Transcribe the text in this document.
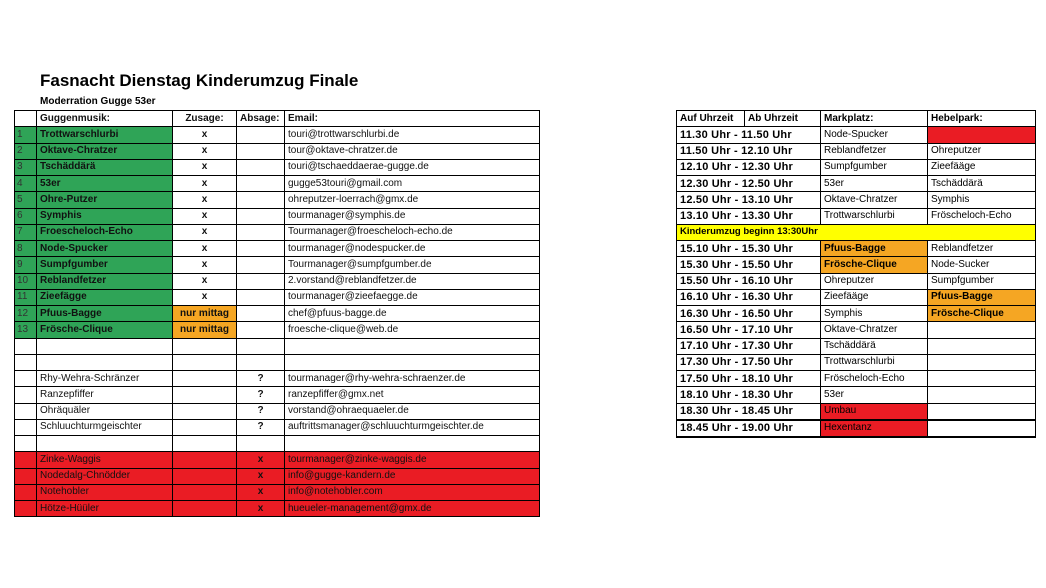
Fasnacht Dienstag Kinderumzug Finale
Moderration Gugge 53er
	Guggenmusik:	Zusage:	Absage:	Email:
1	Trottwarschlurbi	x		touri@trottwarschlurbi.de
2	Oktave-Chratzer	x		tour@oktave-chratzer.de
3	Tschäddärä	x		touri@tschaeddaerae-gugge.de
4	53er	x		gugge53touri@gmail.com
5	Ohre-Putzer	x		ohreputzer-loerrach@gmx.de
6	Symphis	x		tourmanager@symphis.de
7	Froescheloch-Echo	x		Tourmanager@froescheloch-echo.de
8	Node-Spucker	x		tourmanager@nodespucker.de
9	Sumpfgumber	x		Tourmanager@sumpfgumber.de
10	Reblandfetzer	x		2.vorstand@reblandfetzer.de
11	Zieefägge	x		tourmanager@zieefaegge.de
12	Pfuus-Bagge	nur mittag		chef@pfuus-bagge.de
13	Frösche-Clique	nur mittag		froesche-clique@web.de

	Rhy-Wehra-Schränzer		?	tourmanager@rhy-wehra-schraenzer.de
	Ranzepfiffer		?	ranzepfiffer@gmx.net
	Ohräquäler		?	vorstand@ohraequaeler.de
	Schluuchturmgeischter		?	auftrittsmanager@schluuchturmgeischter.de

	Zinke-Waggis		x	tourmanager@zinke-waggis.de
	Nodedalg-Chnödder		x	info@gugge-kandern.de
	Notehobler		x	info@notehobler.com
	Hötze-Hüüler		x	hueueler-management@gmx.de
Auf Uhrzeit	Ab Uhrzeit	Markplatz:	Hebelpark:
11.30 Uhr - 11.50 Uhr		Node-Spucker	
11.50 Uhr - 12.10 Uhr		Reblandfetzer	Ohreputzer
12.10 Uhr - 12.30 Uhr		Sumpfgumber	Zieefääge
12.30 Uhr - 12.50 Uhr		53er	Tschäddärä
12.50 Uhr - 13.10 Uhr		Oktave-Chratzer	Symphis
13.10 Uhr - 13.30 Uhr		Trottwarschlurbi	Fröscheloch-Echo
Kinderumzug beginn 13:30Uhr			
15.10 Uhr - 15.30 Uhr		Pfuus-Bagge	Reblandfetzer
15.30 Uhr - 15.50 Uhr		Frösche-Clique	Node-Sucker
15.50 Uhr - 16.10 Uhr		Ohreputzer	Sumpfgumber
16.10 Uhr - 16.30 Uhr		Zieefääge	Pfuus-Bagge
16.30 Uhr - 16.50 Uhr		Symphis	Frösche-Clique
16.50 Uhr - 17.10 Uhr		Oktave-Chratzer	
17.10 Uhr - 17.30 Uhr		Tschäddärä	
17.30 Uhr - 17.50 Uhr		Trottwarschlurbi	
17.50 Uhr - 18.10 Uhr		Fröscheloch-Echo	
18.10 Uhr - 18.30 Uhr		53er	
18.30 Uhr - 18.45 Uhr		Umbau	
18.45 Uhr - 19.00 Uhr		Hexentanz	
